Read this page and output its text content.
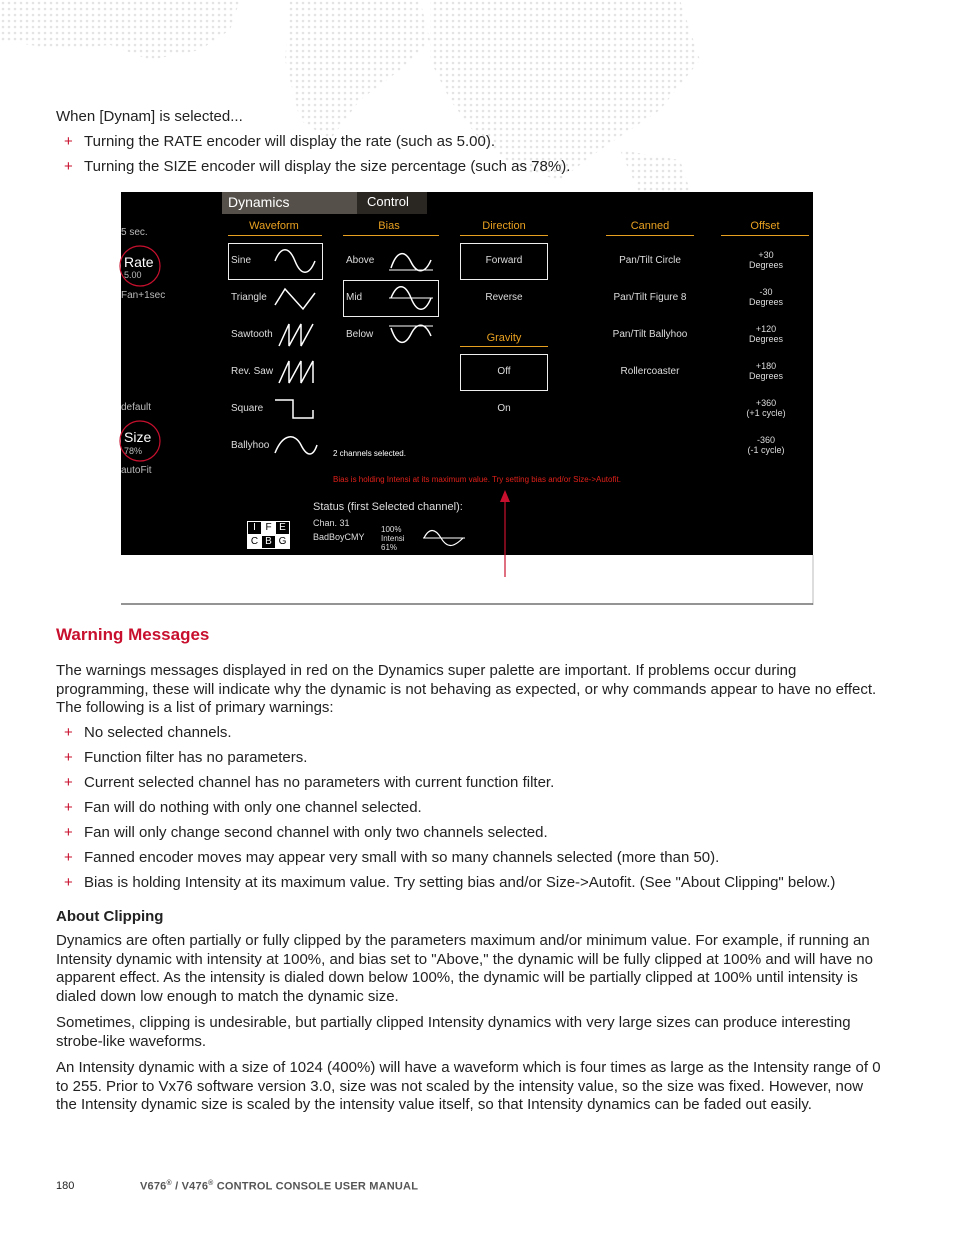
When [Dynam] is selected...
+ Turning the RATE encoder will display the rate (such as 5.00).
+ Turning the SIZE encoder will display the size percentage (such as 78%).
Dynamics	Control
5 sec.
Rate
5.00
Fan+1sec
default
Size
78%
autoFit
Waveform
Sine
Triangle
Sawtooth
Rev. Saw
Square
Ballyhoo
Bias
Above
Mid
Below
Direction
Forward
Reverse
Gravity
Off
On
Canned
Pan/Tilt Circle
Pan/Tilt Figure 8
Pan/Tilt Ballyhoo
Rollercoaster
Offset
+30
Degrees
-30
Degrees
+120
Degrees
+180
Degrees
+360
(+1 cycle)
-360
(-1 cycle)
2 channels selected.
Bias is holding Intensi at its maximum value. Try setting bias and/or Size->Autofit.
Status (first Selected channel):
I F E
C B G
Chan. 31
BadBoyCMY
100%
Intensi
61%
Warning Messages
The warnings messages displayed in red on the Dynamics super palette are important. If problems occur during programming, these will indicate why the dynamic is not behaving as expected, or why commands appear to have no effect. The following is a list of primary warnings:
+ No selected channels.
+ Function filter has no parameters.
+ Current selected channel has no parameters with current function filter.
+ Fan will do nothing with only one channel selected.
+ Fan will only change second channel with only two channels selected.
+ Fanned encoder moves may appear very small with so many channels selected (more than 50).
+ Bias is holding Intensity at its maximum value. Try setting bias and/or Size->Autofit. (See "About Clipping" below.)
About Clipping
Dynamics are often partially or fully clipped by the parameters maximum and/or minimum value. For example, if running an Intensity dynamic with intensity at 100%, and bias set to "Above," the dynamic will be fully clipped at 100% and will have no apparent effect. As the intensity is dialed down below 100%, the dynamic will be partially clipped at 100% until intensity is dialed down low enough to match the dynamic size.
Sometimes, clipping is undesirable, but partially clipped Intensity dynamics with very large sizes can produce interesting strobe-like waveforms.
An Intensity dynamic with a size of 1024 (400%) will have a waveform which is four times as large as the Intensity range of 0 to 255. Prior to Vx76 software version 3.0, size was not scaled by the intensity value, so the size was fixed. However, now the Intensity dynamic size is scaled by the intensity value itself, so that Intensity dynamics can be faded out easily.
180	V676® / V476® CONTROL CONSOLE USER MANUAL
